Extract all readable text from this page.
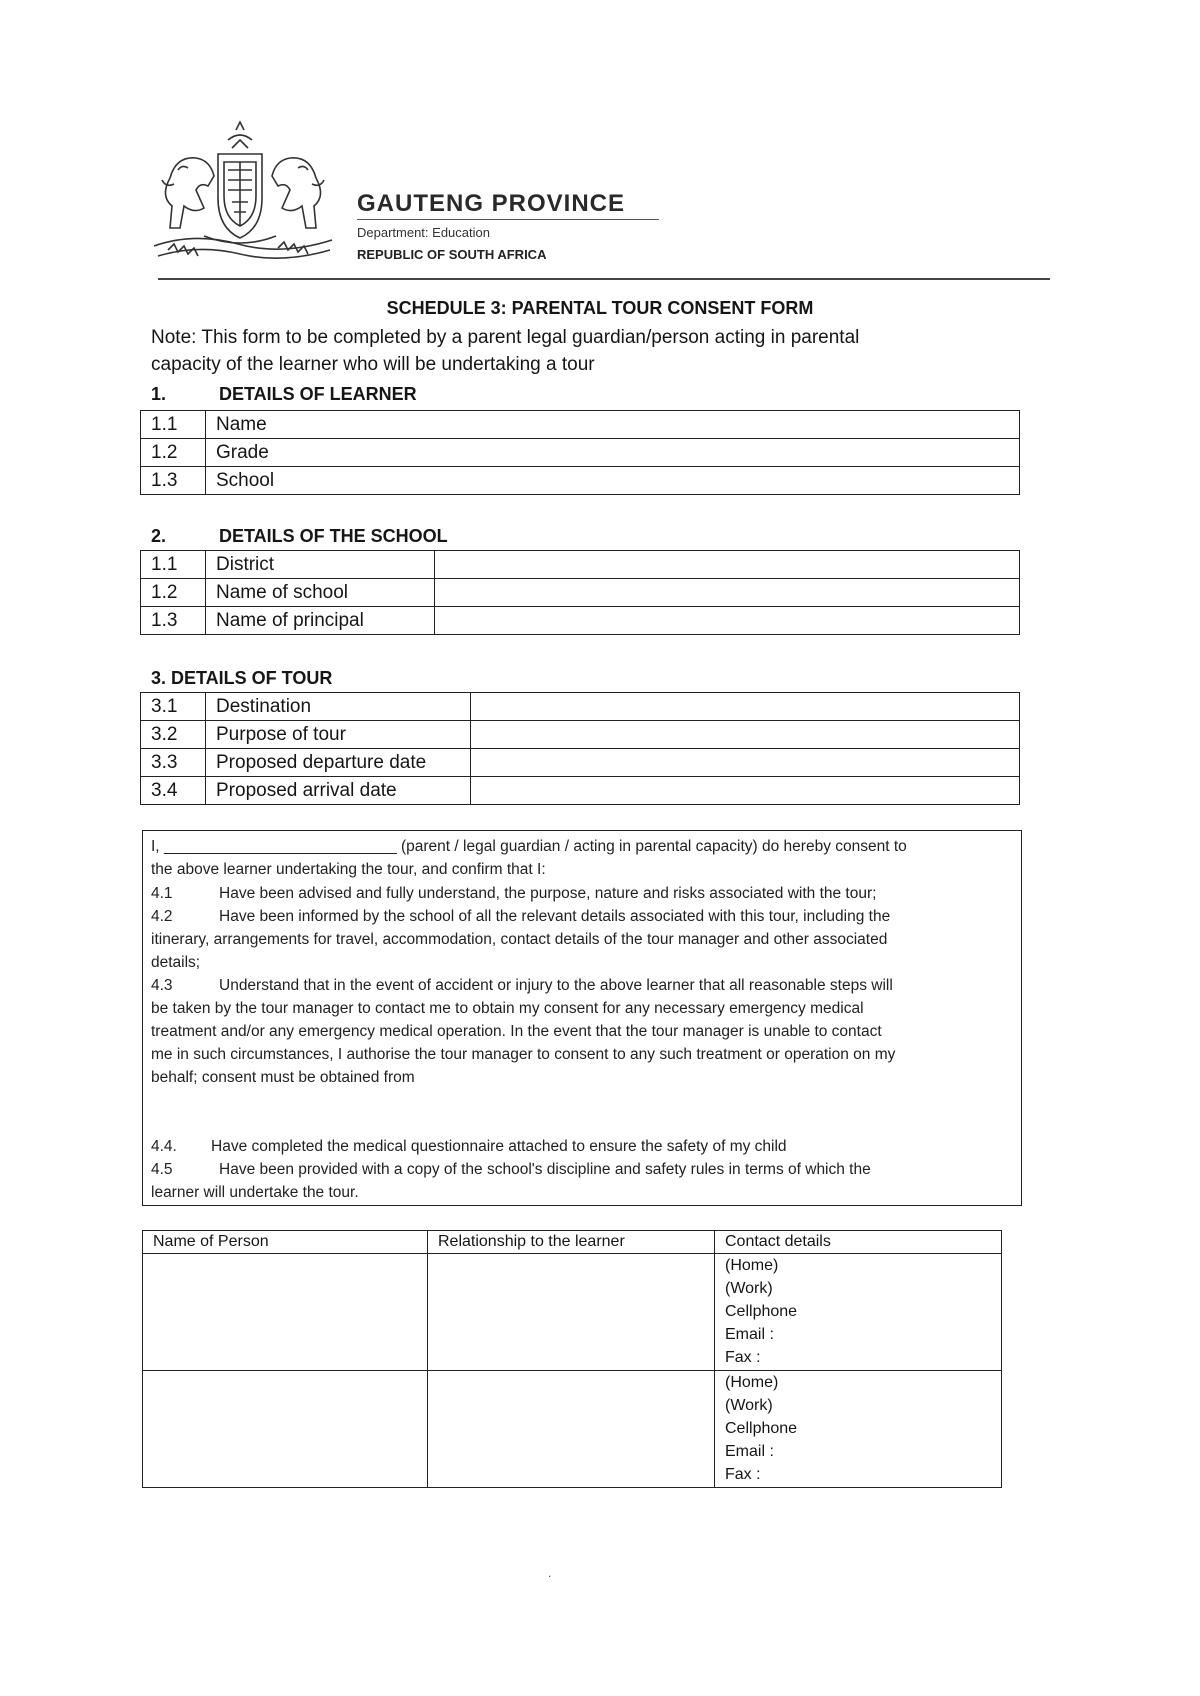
GAUTENG PROVINCE
Department: Education
REPUBLIC OF SOUTH AFRICA
SCHEDULE 3: PARENTAL TOUR CONSENT FORM
Note: This form to be completed by a parent legal guardian/person acting in parental
capacity of the learner who will be undertaking a tour
1.	DETAILS OF LEARNER
1.1	Name
1.2	Grade
1.3	School
2.	DETAILS OF THE SCHOOL
1.1	District	
1.2	Name of school	
1.3	Name of principal	
3. DETAILS OF TOUR
3.1	Destination	
3.2	Purpose of tour	
3.3	Proposed departure date	
3.4	Proposed arrival date	
I, ___________________________ (parent / legal guardian / acting in parental capacity) do hereby consent to
the above learner undertaking the tour, and confirm that I:
4.1	Have been advised and fully understand, the purpose, nature and risks associated with the tour;
4.2	Have been informed by the school of all the relevant details associated with this tour, including the
itinerary, arrangements for travel, accommodation, contact details of the tour manager and other associated
details;
4.3	Understand that in the event of accident or injury to the above learner that all reasonable steps will
be taken by the tour manager to contact me to obtain my consent for any necessary emergency medical
treatment and/or any emergency medical operation. In the event that the tour manager is unable to contact
me in such circumstances, I authorise the tour manager to consent to any such treatment or operation on my
behalf; consent must be obtained from
4.4. Have completed the medical questionnaire attached to ensure the safety of my child
4.5	Have been provided with a copy of the school's discipline and safety rules in terms of which the
learner will undertake the tour.
Name of Person	Relationship to the learner	Contact details

		(Home)
(Work)
Cellphone
Email :
Fax :

		(Home)
(Work)
Cellphone
Email :
Fax :
.
